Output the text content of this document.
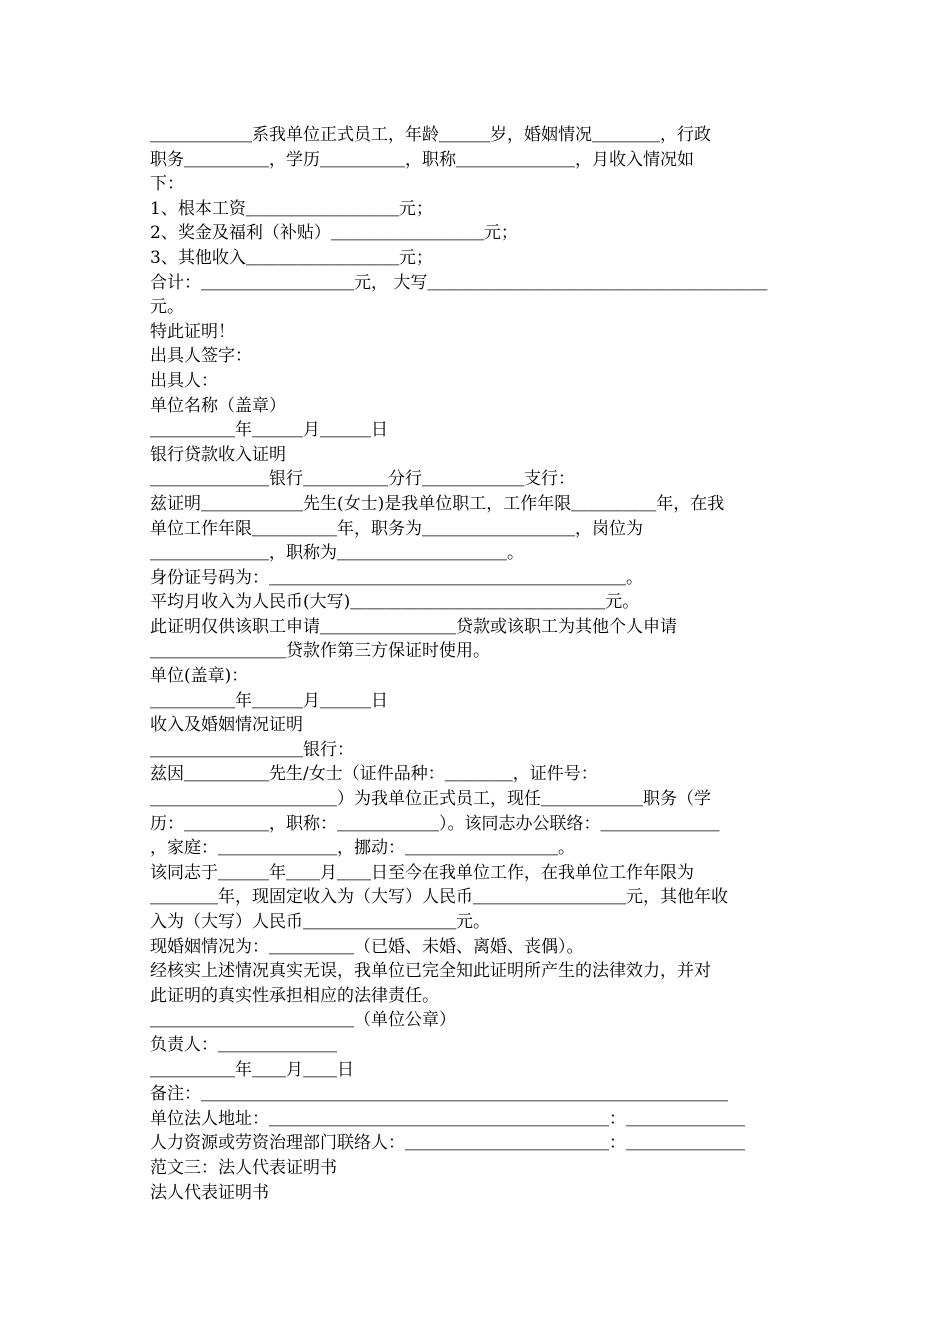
＿＿＿＿＿＿系我单位正式员工，年龄＿＿＿岁，婚姻情况＿＿＿＿，行政
职务＿＿＿＿＿，学历＿＿＿＿＿，职称＿＿＿＿＿＿＿，月收入情况如
下：
1、根本工资＿＿＿＿＿＿＿＿＿元；
2、奖金及福利（补贴）＿＿＿＿＿＿＿＿＿元；
3、其他收入＿＿＿＿＿＿＿＿＿元；
合计：＿＿＿＿＿＿＿＿＿元， 大写＿＿＿＿＿＿＿＿＿＿＿＿＿＿＿＿＿＿＿＿
元。
特此证明！
出具人签字：
出具人：
单位名称（盖章）
＿＿＿＿＿年＿＿＿月＿＿＿日
银行贷款收入证明
＿＿＿＿＿＿＿银行＿＿＿＿＿分行＿＿＿＿＿＿支行：
兹证明＿＿＿＿＿＿先生(女士)是我单位职工，工作年限＿＿＿＿＿年，在我
单位工作年限＿＿＿＿＿年，职务为＿＿＿＿＿＿＿＿＿，岗位为
＿＿＿＿＿＿＿，职称为＿＿＿＿＿＿＿＿＿＿。
身份证号码为：＿＿＿＿＿＿＿＿＿＿＿＿＿＿＿＿＿＿＿＿＿。
平均月收入为人民币(大写)＿＿＿＿＿＿＿＿＿＿＿＿＿＿＿元。
此证明仅供该职工申请＿＿＿＿＿＿＿＿贷款或该职工为其他个人申请
＿＿＿＿＿＿＿＿贷款作第三方保证时使用。
单位(盖章)：
＿＿＿＿＿年＿＿＿月＿＿＿日
收入及婚姻情况证明
＿＿＿＿＿＿＿＿＿银行：
兹因＿＿＿＿＿先生/女士（证件品种：＿＿＿＿，证件号：
＿＿＿＿＿＿＿＿＿＿＿）为我单位正式员工，现任＿＿＿＿＿＿职务（学
历：＿＿＿＿＿，职称：＿＿＿＿＿＿）。该同志办公联络：＿＿＿＿＿＿＿
，家庭：＿＿＿＿＿＿＿，挪动：＿＿＿＿＿＿＿＿＿。
该同志于＿＿＿年＿＿月＿＿日至今在我单位工作，在我单位工作年限为
＿＿＿＿年，现固定收入为（大写）人民币＿＿＿＿＿＿＿＿＿元，其他年收
入为（大写）人民币＿＿＿＿＿＿＿＿＿元。
现婚姻情况为：＿＿＿＿＿（已婚、未婚、离婚、丧偶）。
经核实上述情况真实无误，我单位已完全知此证明所产生的法律效力，并对
此证明的真实性承担相应的法律责任。
＿＿＿＿＿＿＿＿＿＿＿＿（单位公章）
负责人：＿＿＿＿＿＿＿
＿＿＿＿＿年＿＿月＿＿日
备注：＿＿＿＿＿＿＿＿＿＿＿＿＿＿＿＿＿＿＿＿＿＿＿＿＿＿＿＿＿＿＿
单位法人地址：＿＿＿＿＿＿＿＿＿＿＿＿＿＿＿＿＿＿＿＿：＿＿＿＿＿＿＿
人力资源或劳资治理部门联络人：＿＿＿＿＿＿＿＿＿＿＿＿：＿＿＿＿＿＿＿
范文三：法人代表证明书
法人代表证明书
